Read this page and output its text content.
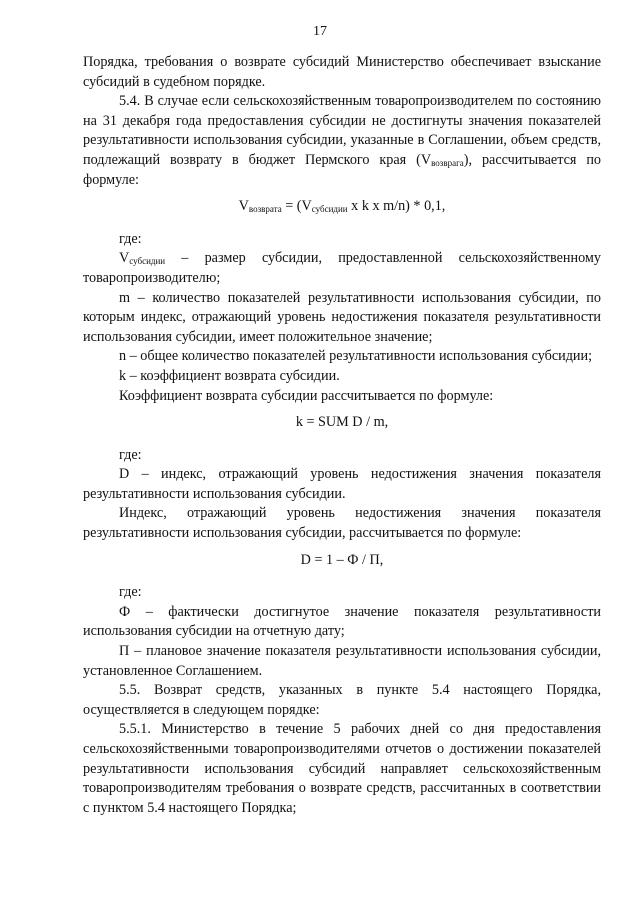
17

Порядка, требования о возврате субсидий Министерство обеспечивает взыскание субсидий в судебном порядке.

5.4. В случае если сельскохозяйственным товаропроизводителем по состоянию на 31 декабря года предоставления субсидии не достигнуты значения показателей результативности использования субсидии, указанные в Соглашении, объем средств, подлежащий возврату в бюджет Пермского края $(V_{возврага})$, рассчитывается по формуле:

$V_{возврата} = (V_{субсидии}$ x k x m/n) * 0,1,

где:

$V_{субсидии}$ – размер субсидии, предоставленной сельскохозяйственному товаропроизводителю;

m – количество показателей результативности использования субсидии, по которым индекс, отражающий уровень недостижения показателя результативности использования субсидии, имеет положительное значение;

n – общее количество показателей результативности использования субсидии;

k – коэффициент возврата субсидии.

Коэффициент возврата субсидии рассчитывается по формуле:

k = SUM D / m,

где:

D – индекс, отражающий уровень недостижения значения показателя результативности использования субсидии.

Индекс, отражающий уровень недостижения значения показателя результативности использования субсидии, рассчитывается по формуле:

D = 1 – Ф / П,

где:

Ф – фактически достигнутое значение показателя результативности использования субсидии на отчетную дату;

П – плановое значение показателя результативности использования субсидии, установленное Соглашением.

5.5. Возврат средств, указанных в пункте 5.4 настоящего Порядка, осуществляется в следующем порядке:

5.5.1. Министерство в течение 5 рабочих дней со дня предоставления сельскохозяйственными товаропроизводителями отчетов о достижении показателей результативности использования субсидий направляет сельскохозяйственным товаропроизводителям требования о возврате средств, рассчитанных в соответствии с пунктом 5.4 настоящего Порядка;
